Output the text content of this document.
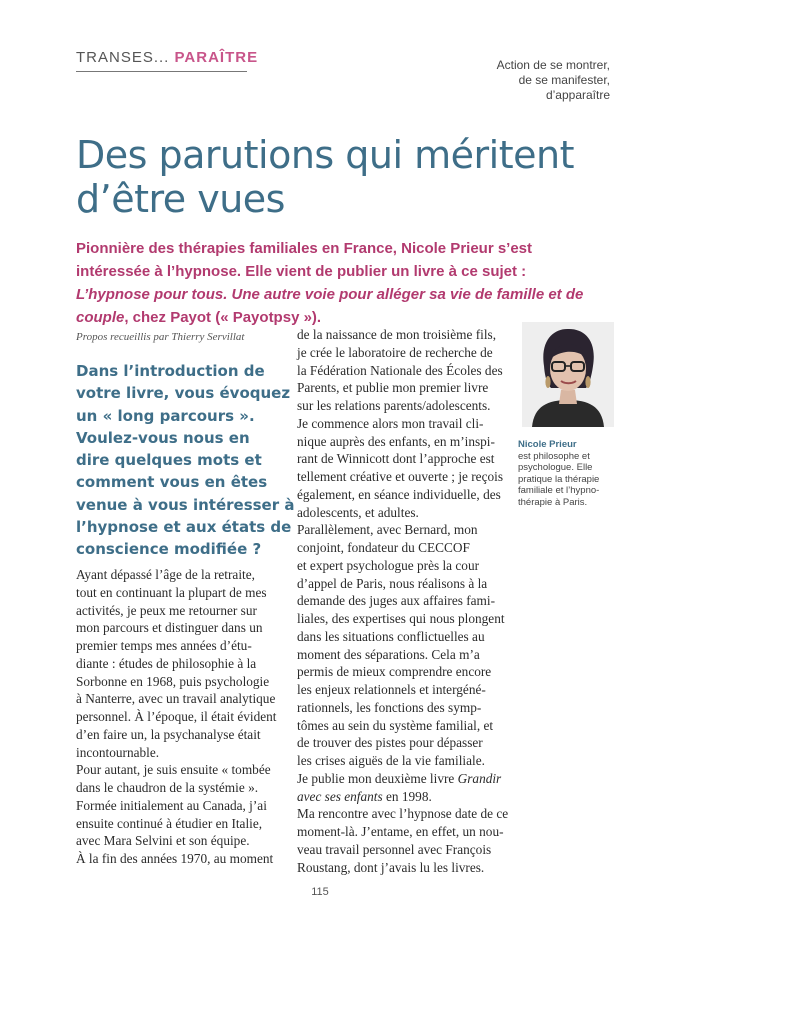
TRANSES... PARAÎTRE	Action de se montrer,
de se manifester,
d’apparaître
Des parutions qui méritent
d’être vues

Pionnière des thérapies familiales en France, Nicole Prieur s’est intéressée à l’hypnose. Elle vient de publier un livre à ce sujet : L’hypnose pour tous. Une autre voie pour alléger sa vie de famille et de couple, chez Payot (« Payotpsy »).

Propos recueillis par Thierry Servillat
Dans l’introduction de
votre livre, vous évoquez
un « long parcours ».
Voulez-vous nous en
dire quelques mots et
comment vous en êtes
venue à vous intéresser à
l’hypnose et aux états de
conscience modifiée ?

Ayant dépassé l’âge de la retraite,
tout en continuant la plupart de mes
activités, je peux me retourner sur
mon parcours et distinguer dans un
premier temps mes années d’étu-
diante : études de philosophie à la
Sorbonne en 1968, puis psychologie
à Nanterre, avec un travail analytique
personnel. À l’époque, il était évident
d’en faire un, la psychanalyse était
incontournable.

Pour autant, je suis ensuite « tombée
dans le chaudron de la systémie ».
Formée initialement au Canada, j’ai
ensuite continué à étudier en Italie,
avec Mara Selvini et son équipe.

À la fin des années 1970, au moment

de la naissance de mon troisième fils,
je crée le laboratoire de recherche de
la Fédération Nationale des Écoles des
Parents, et publie mon premier livre
sur les relations parents/adolescents.
Je commence alors mon travail cli-
nique auprès des enfants, en m’inspi-
rant de Winnicott dont l’approche est
tellement créative et ouverte ; je reçois
également, en séance individuelle, des
adolescents, et adultes.

Parallèlement, avec Bernard, mon
conjoint, fondateur du CECCOF
et expert psychologue près la cour
d’appel de Paris, nous réalisons à la
demande des juges aux affaires fami-
liales, des expertises qui nous plongent
dans les situations conflictuelles au
moment des séparations. Cela m’a
permis de mieux comprendre encore
les enjeux relationnels et intergéné-
rationnels, les fonctions des symp-
tômes au sein du système familial, et
de trouver des pistes pour dépasser
les crises aiguës de la vie familiale.

Je publie mon deuxième livre Grandir
avec ses enfants en 1998.

Ma rencontre avec l’hypnose date de ce
moment-là. J’entame, en effet, un nou-
veau travail personnel avec François
Roustang, dont j’avais lu les livres.

Nicole Prieur
est philosophe et
psychologue. Elle
pratique la thérapie
familiale et l’hypno-
thérapie à Paris.
115
